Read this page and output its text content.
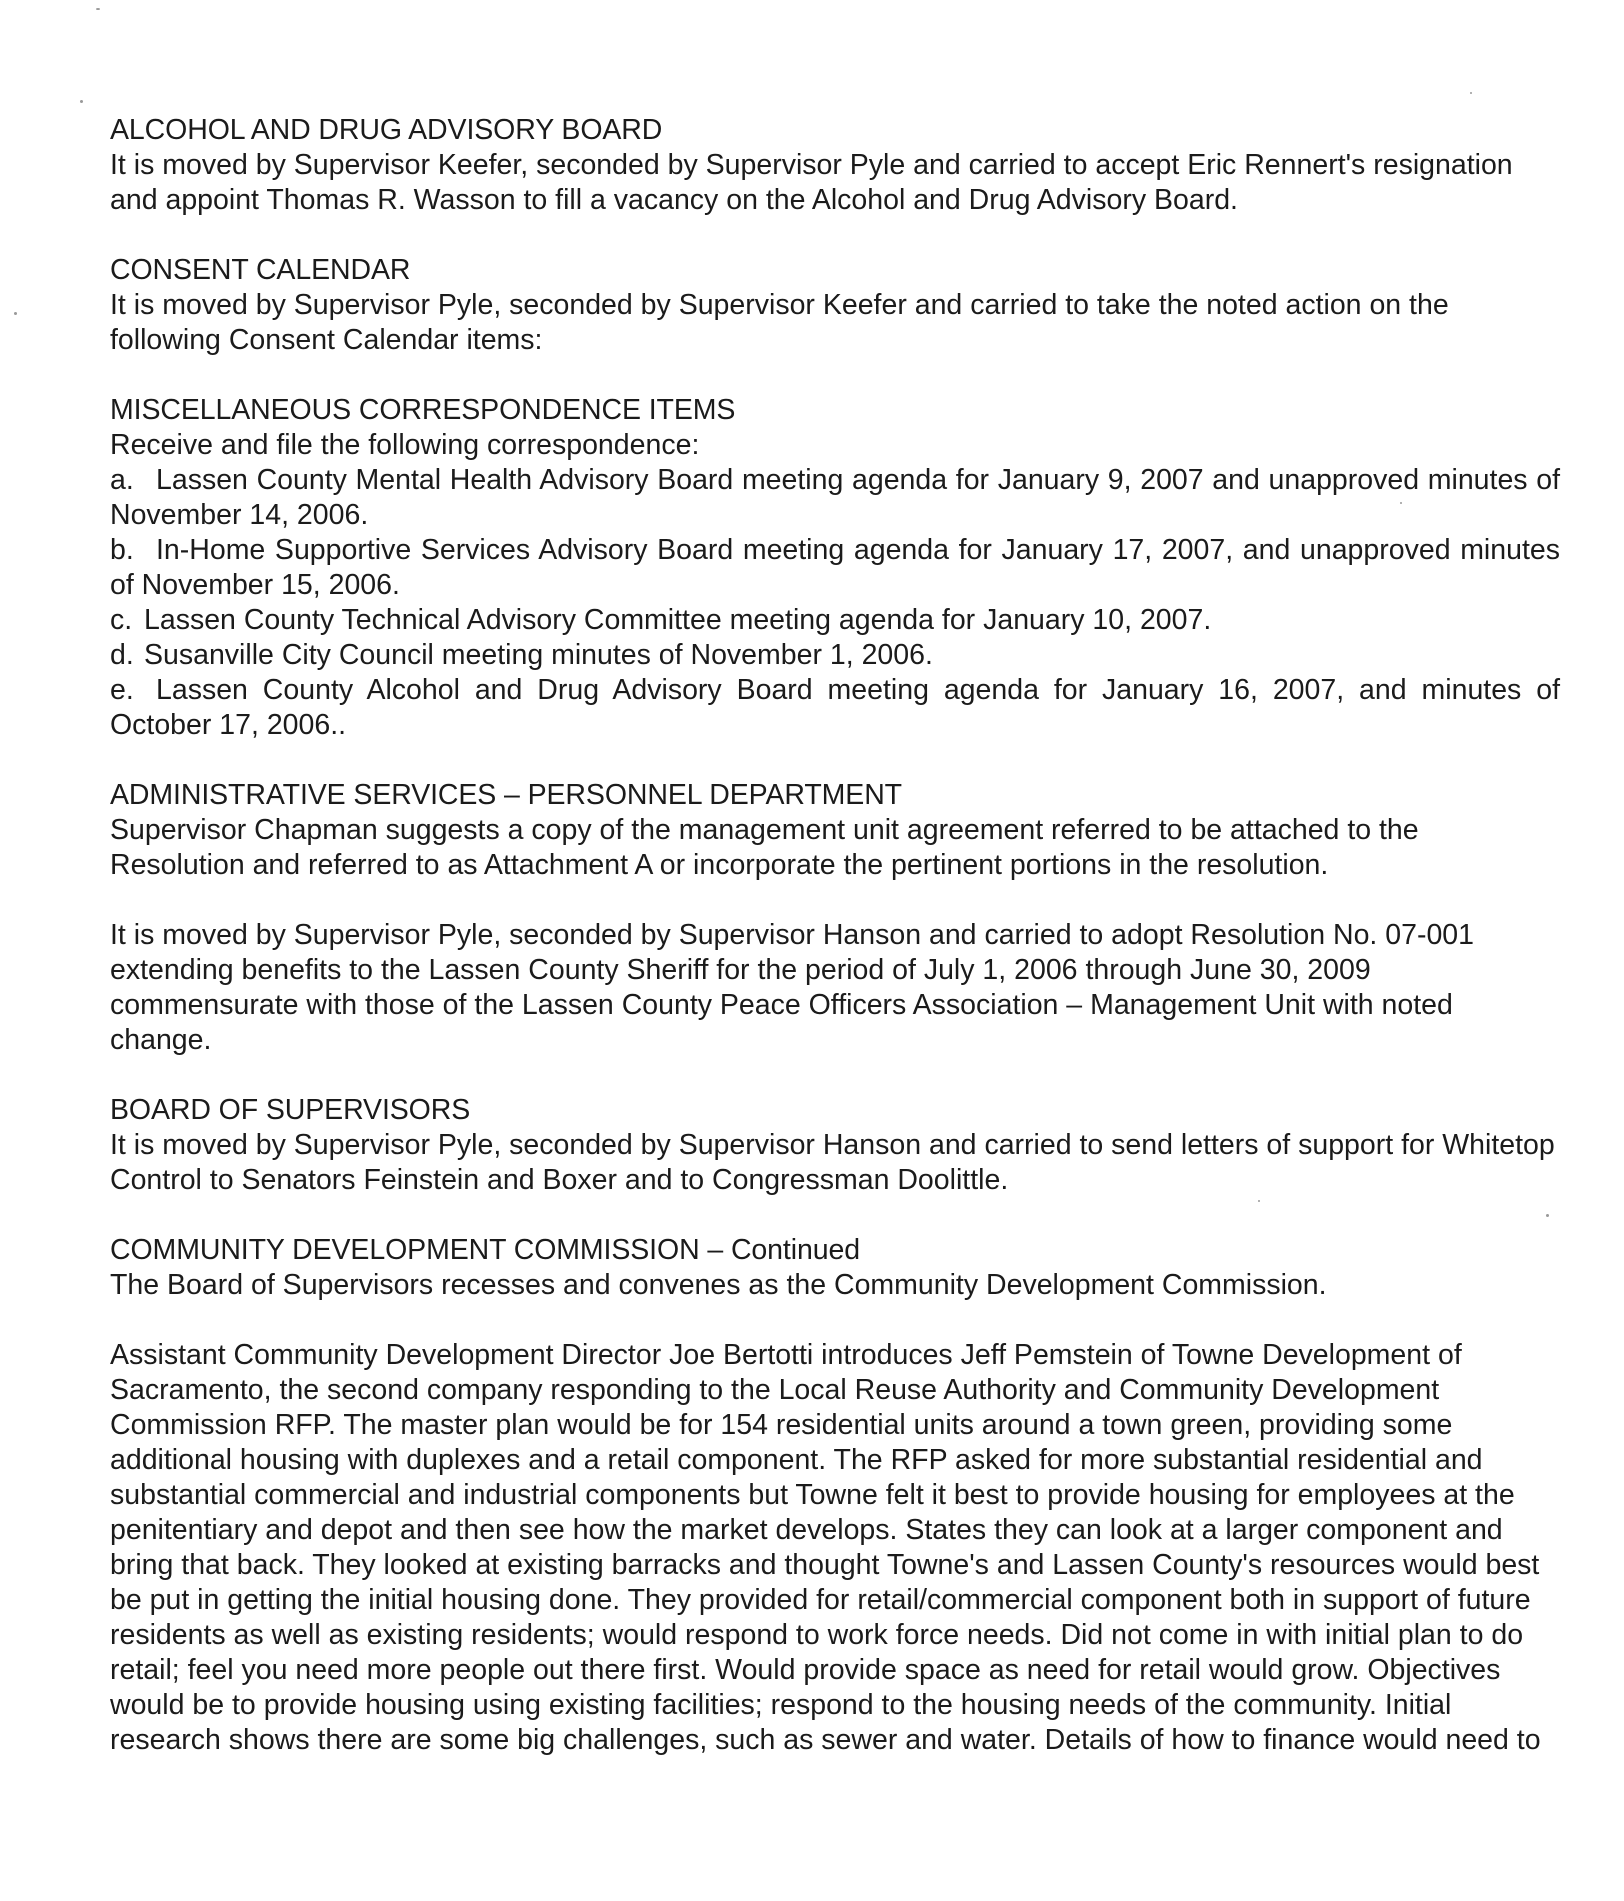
ALCOHOL AND DRUG ADVISORY BOARD

It is moved by Supervisor Keefer, seconded by Supervisor Pyle and carried to accept Eric Rennert's resignation and appoint Thomas R. Wasson to fill a vacancy on the Alcohol and Drug Advisory Board.

CONSENT CALENDAR

It is moved by Supervisor Pyle, seconded by Supervisor Keefer and carried to take the noted action on the following Consent Calendar items:

MISCELLANEOUS CORRESPONDENCE ITEMS

Receive and file the following correspondence:

a. Lassen County Mental Health Advisory Board meeting agenda for January 9, 2007 and unapproved minutes of November 14, 2006.

b. In-Home Supportive Services Advisory Board meeting agenda for January 17, 2007, and unapproved minutes of November 15, 2006.

c. Lassen County Technical Advisory Committee meeting agenda for January 10, 2007.

d. Susanville City Council meeting minutes of November 1, 2006.

e. Lassen County Alcohol and Drug Advisory Board meeting agenda for January 16, 2007, and minutes of October 17, 2006..

ADMINISTRATIVE SERVICES – PERSONNEL DEPARTMENT

Supervisor Chapman suggests a copy of the management unit agreement referred to be attached to the Resolution and referred to as Attachment A or incorporate the pertinent portions in the resolution.

It is moved by Supervisor Pyle, seconded by Supervisor Hanson and carried to adopt Resolution No. 07-001 extending benefits to the Lassen County Sheriff for the period of July 1, 2006 through June 30, 2009 commensurate with those of the Lassen County Peace Officers Association – Management Unit with noted change.

BOARD OF SUPERVISORS

It is moved by Supervisor Pyle, seconded by Supervisor Hanson and carried to send letters of support for Whitetop Control to Senators Feinstein and Boxer and to Congressman Doolittle.

COMMUNITY DEVELOPMENT COMMISSION – Continued

The Board of Supervisors recesses and convenes as the Community Development Commission.

Assistant Community Development Director Joe Bertotti introduces Jeff Pemstein of Towne Development of Sacramento, the second company responding to the Local Reuse Authority and Community Development Commission RFP. The master plan would be for 154 residential units around a town green, providing some additional housing with duplexes and a retail component. The RFP asked for more substantial residential and substantial commercial and industrial components but Towne felt it best to provide housing for employees at the penitentiary and depot and then see how the market develops. States they can look at a larger component and bring that back. They looked at existing barracks and thought Towne's and Lassen County's resources would best be put in getting the initial housing done. They provided for retail/commercial component both in support of future residents as well as existing residents; would respond to work force needs. Did not come in with initial plan to do retail; feel you need more people out there first. Would provide space as need for retail would grow. Objectives would be to provide housing using existing facilities; respond to the housing needs of the community. Initial research shows there are some big challenges, such as sewer and water. Details of how to finance would need to
